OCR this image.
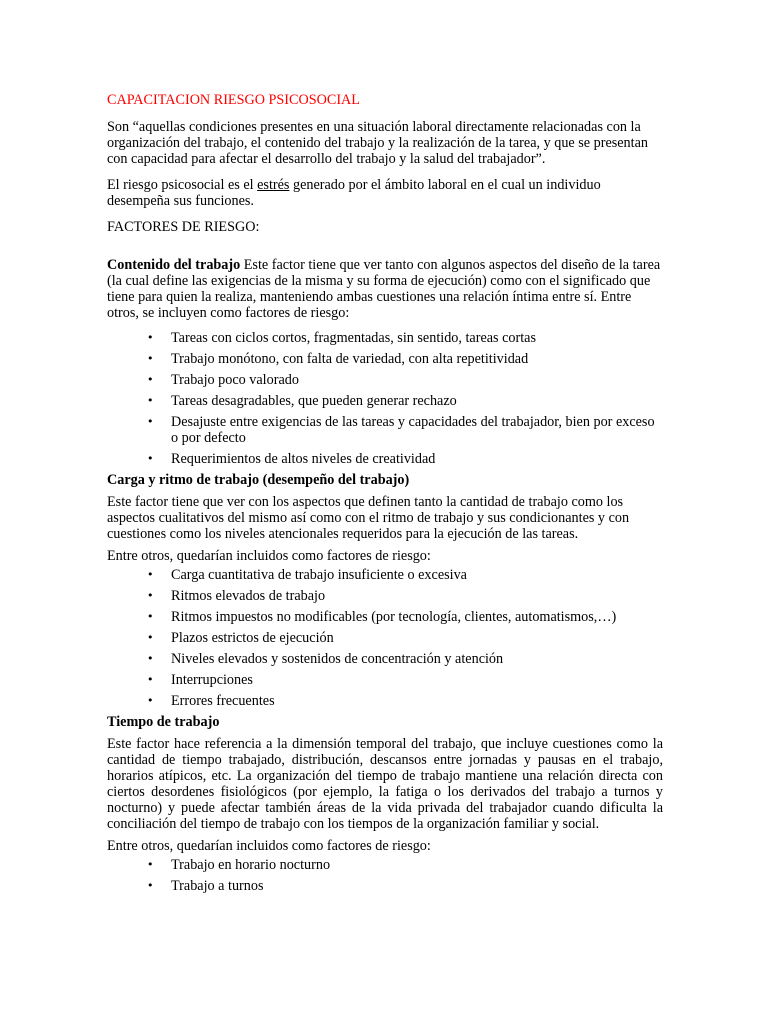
CAPACITACION RIESGO PSICOSOCIAL

Son “aquellas condiciones presentes en una situación laboral directamente relacionadas con la organización del trabajo, el contenido del trabajo y la realización de la tarea, y que se presentan con capacidad para afectar el desarrollo del trabajo y la salud del trabajador”.

El riesgo psicosocial es el estrés generado por el ámbito laboral en el cual un individuo desempeña sus funciones.

FACTORES DE RIESGO:

Contenido del trabajo Este factor tiene que ver tanto con algunos aspectos del diseño de la tarea (la cual define las exigencias de la misma y su forma de ejecución) como con el significado que tiene para quien la realiza, manteniendo ambas cuestiones una relación íntima entre sí. Entre otros, se incluyen como factores de riesgo:

• Tareas con ciclos cortos, fragmentadas, sin sentido, tareas cortas
• Trabajo monótono, con falta de variedad, con alta repetitividad
• Trabajo poco valorado
• Tareas desagradables, que pueden generar rechazo
• Desajuste entre exigencias de las tareas y capacidades del trabajador, bien por exceso o por defecto
• Requerimientos de altos niveles de creatividad

Carga y ritmo de trabajo (desempeño del trabajo)

Este factor tiene que ver con los aspectos que definen tanto la cantidad de trabajo como los aspectos cualitativos del mismo así como con el ritmo de trabajo y sus condicionantes y con cuestiones como los niveles atencionales requeridos para la ejecución de las tareas.

Entre otros, quedarían incluidos como factores de riesgo:

• Carga cuantitativa de trabajo insuficiente o excesiva
• Ritmos elevados de trabajo
• Ritmos impuestos no modificables (por tecnología, clientes, automatismos,…)
• Plazos estrictos de ejecución
• Niveles elevados y sostenidos de concentración y atención
• Interrupciones
• Errores frecuentes

Tiempo de trabajo

Este factor hace referencia a la dimensión temporal del trabajo, que incluye cuestiones como la cantidad de tiempo trabajado, distribución, descansos entre jornadas y pausas en el trabajo, horarios atípicos, etc. La organización del tiempo de trabajo mantiene una relación directa con ciertos desordenes fisiológicos (por ejemplo, la fatiga o los derivados del trabajo a turnos y nocturno) y puede afectar también áreas de la vida privada del trabajador cuando dificulta la conciliación del tiempo de trabajo con los tiempos de la organización familiar y social.

Entre otros, quedarían incluidos como factores de riesgo:

• Trabajo en horario nocturno
• Trabajo a turnos
